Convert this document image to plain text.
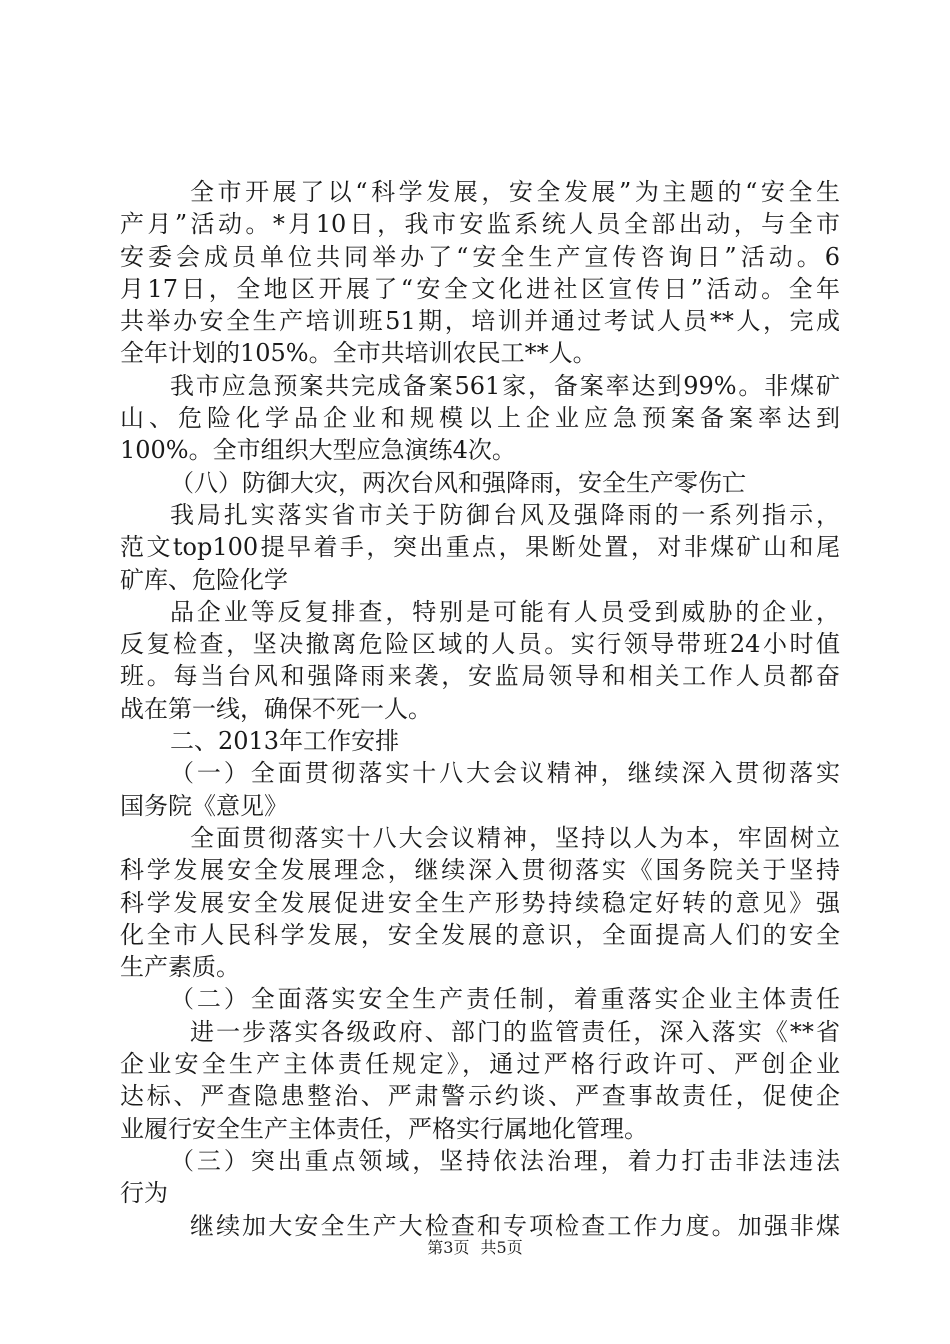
全市开展了以“科学发展，安全发展”为主题的“安全生
产月”活动。*月10日，我市安监系统人员全部出动，与全市
安委会成员单位共同举办了“安全生产宣传咨询日”活动。6
月17日，全地区开展了“安全文化进社区宣传日”活动。全年
共举办安全生产培训班51期，培训并通过考试人员**人，完成
全年计划的105%。全市共培训农民工**人。
我市应急预案共完成备案561家，备案率达到99%。非煤矿
山、危险化学品企业和规模以上企业应急预案备案率达到
100%。全市组织大型应急演练4次。
（八）防御大灾，两次台风和强降雨，安全生产零伤亡
我局扎实落实省市关于防御台风及强降雨的一系列指示，
范文top100提早着手，突出重点，果断处置，对非煤矿山和尾
矿库、危险化学
品企业等反复排查，特别是可能有人员受到威胁的企业，
反复检查，坚决撤离危险区域的人员。实行领导带班24小时值
班。每当台风和强降雨来袭，安监局领导和相关工作人员都奋
战在第一线，确保不死一人。
二、2013年工作安排
（一）全面贯彻落实十八大会议精神，继续深入贯彻落实
国务院《意见》
全面贯彻落实十八大会议精神，坚持以人为本，牢固树立
科学发展安全发展理念，继续深入贯彻落实《国务院关于坚持
科学发展安全发展促进安全生产形势持续稳定好转的意见》强
化全市人民科学发展，安全发展的意识，全面提高人们的安全
生产素质。
（二）全面落实安全生产责任制，着重落实企业主体责任
进一步落实各级政府、部门的监管责任，深入落实《**省
企业安全生产主体责任规定》，通过严格行政许可、严创企业
达标、严查隐患整治、严肃警示约谈、严查事故责任，促使企
业履行安全生产主体责任，严格实行属地化管理。
（三）突出重点领域，坚持依法治理，着力打击非法违法
行为
继续加大安全生产大检查和专项检查工作力度。加强非煤
第3页 共5页
